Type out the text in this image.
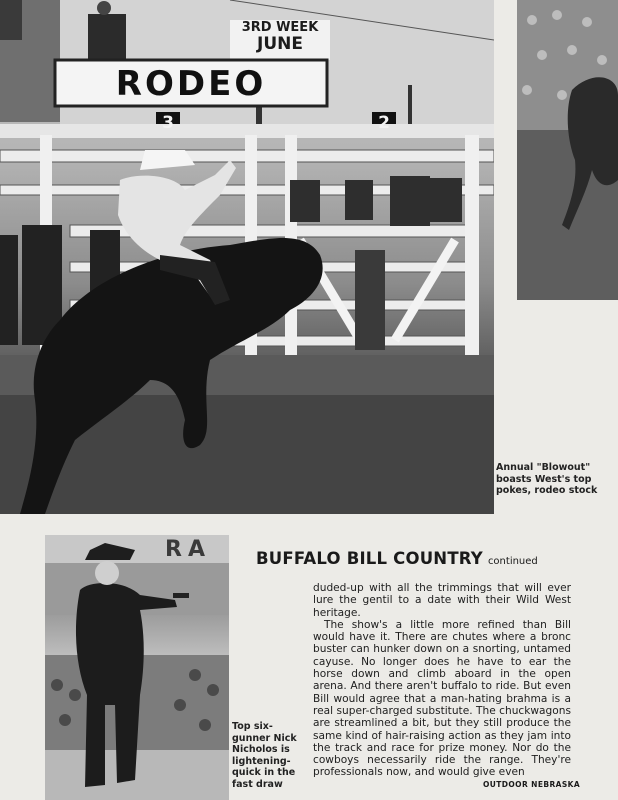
3RD WEEK
JUNE
RODEO
3	2
RA

Annual "Blowout" boasts West's top pokes, rodeo stock

Top six-gunner Nick Nicholos is lightening-quick in the fast draw

BUFFALO BILL COUNTRY continued

duded-up with all the trimmings that will ever lure the gentil to a date with their Wild West heritage.

The show's a little more refined than Bill would have it. There are chutes where a bronc buster can hunker down on a snorting, untamed cayuse. No longer does he have to ear the horse down and climb aboard in the open arena. And there aren't buffalo to ride. But even Bill would agree that a man-hating brahma is a real super-charged substitute. The chuckwagons are streamlined a bit, but they still produce the same kind of hair-raising action as they jam into the track and race for prize money. Nor do the cowboys necessarily ride the range. They're professionals now, and would give even

OUTDOOR NEBRASKA
